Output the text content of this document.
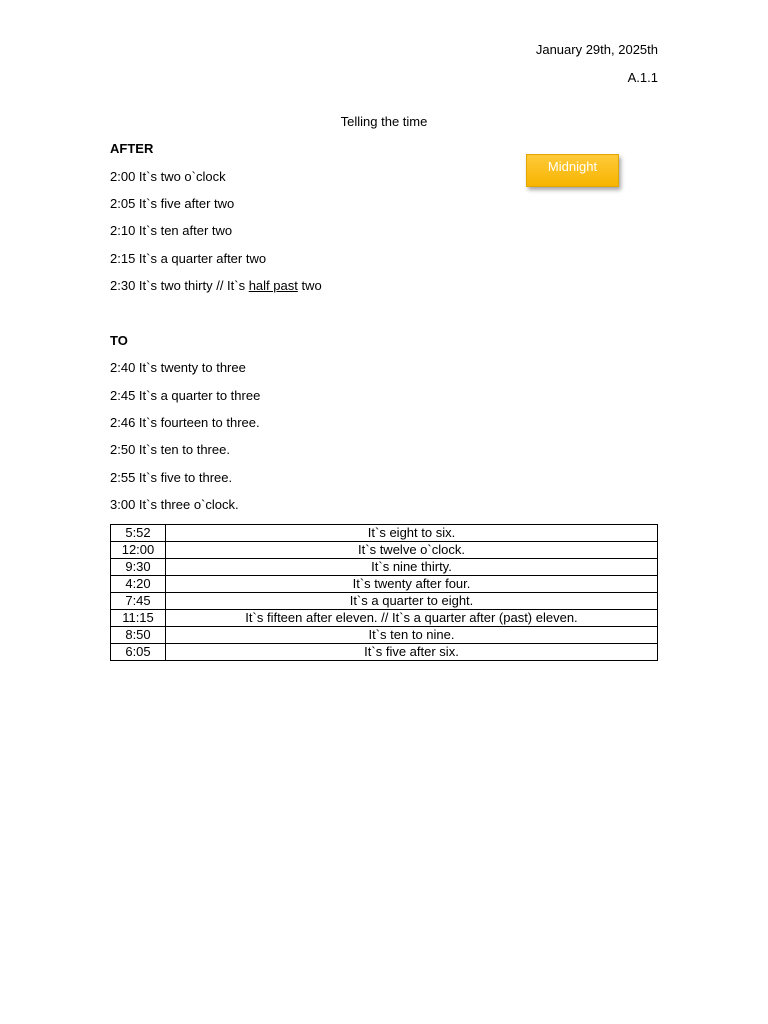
January 29th, 2025th
A.1.1
Telling the time
AFTER
2:00 It`s two o`clock
2:05 It`s five after two
2:10 It`s ten after two
2:15 It`s a quarter after two
2:30 It`s two thirty // It`s half past two
TO
2:40 It`s twenty to three
2:45 It`s a quarter to three
2:46 It`s fourteen to three.
2:50 It`s ten to three.
2:55 It`s five to three.
3:00 It`s three o`clock.
Midnight
5:52	It`s eight to six.
12:00	It`s twelve o`clock.
9:30	It`s nine thirty.
4:20	It`s twenty after four.
7:45	It`s a quarter to eight.
11:15	It`s fifteen after eleven. // It`s a quarter after (past) eleven.
8:50	It`s ten to nine.
6:05	It`s five after six.
